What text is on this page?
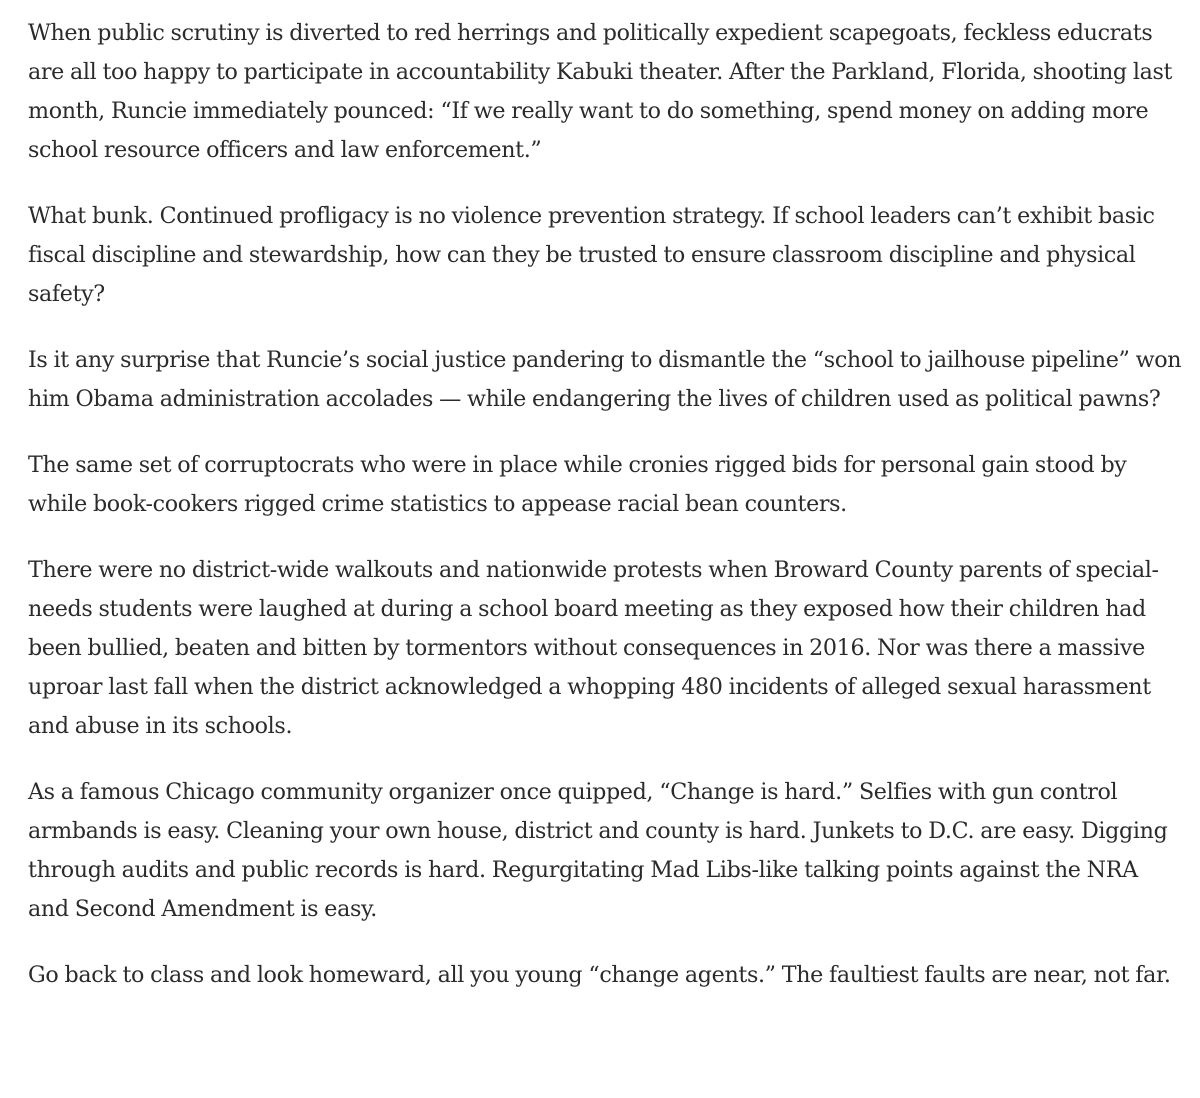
When public scrutiny is diverted to red herrings and politically expedient scapegoats, feckless educrats are all too happy to participate in accountability Kabuki theater. After the Parkland, Florida, shooting last month, Runcie immediately pounced: “If we really want to do something, spend money on adding more school resource officers and law enforcement.”

What bunk. Continued profligacy is no violence prevention strategy. If school leaders can’t exhibit basic fiscal discipline and stewardship, how can they be trusted to ensure classroom discipline and physical safety?

Is it any surprise that Runcie’s social justice pandering to dismantle the “school to jailhouse pipeline” won him Obama administration accolades — while endangering the lives of children used as political pawns?

The same set of corruptocrats who were in place while cronies rigged bids for personal gain stood by while book-cookers rigged crime statistics to appease racial bean counters.

There were no district-wide walkouts and nationwide protests when Broward County parents of special-needs students were laughed at during a school board meeting as they exposed how their children had been bullied, beaten and bitten by tormentors without consequences in 2016. Nor was there a massive uproar last fall when the district acknowledged a whopping 480 incidents of alleged sexual harassment and abuse in its schools.

As a famous Chicago community organizer once quipped, “Change is hard.” Selfies with gun control armbands is easy. Cleaning your own house, district and county is hard. Junkets to D.C. are easy. Digging through audits and public records is hard. Regurgitating Mad Libs-like talking points against the NRA and Second Amendment is easy.

Go back to class and look homeward, all you young “change agents.” The faultiest faults are near, not far.
